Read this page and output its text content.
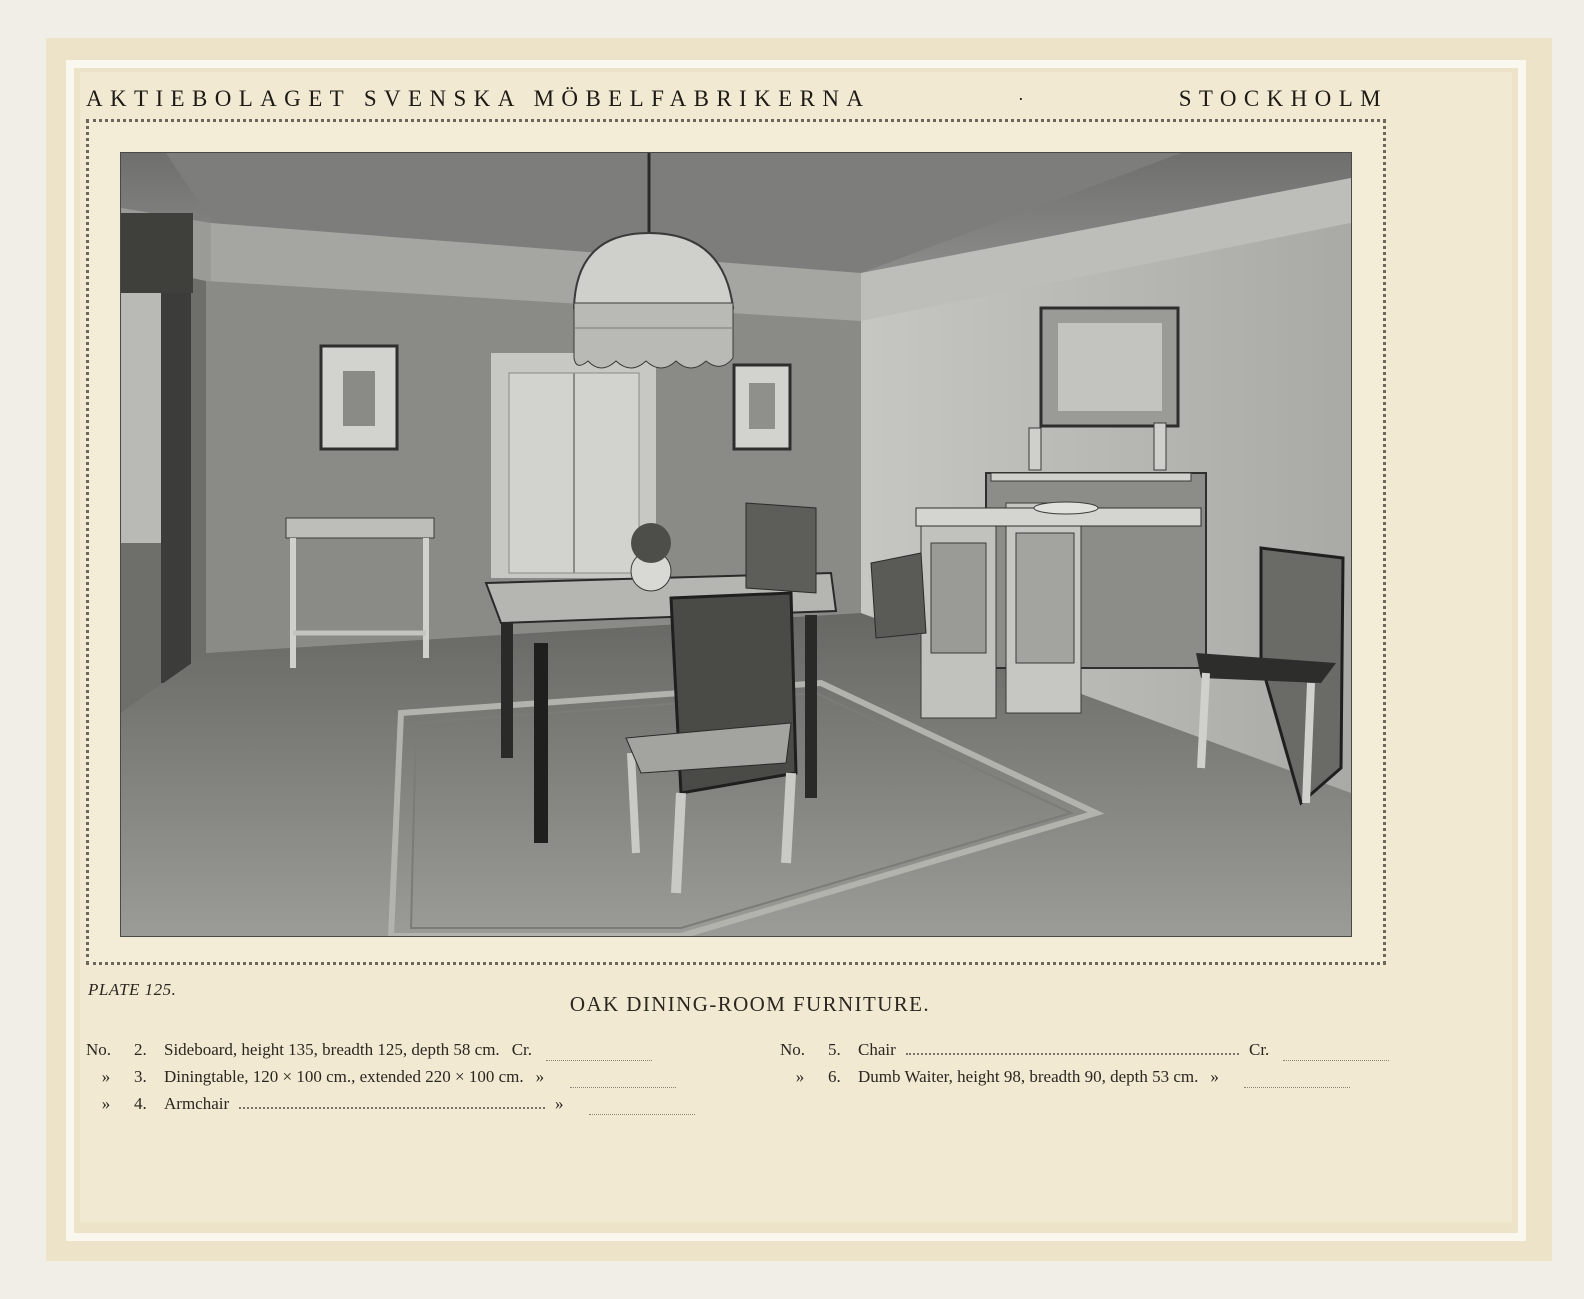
AKTIEBOLAGET SVENSKA MÖBELFABRIKERNA	·	STOCKHOLM
PLATE 125.
OAK DINING-ROOM FURNITURE.
No.	2.	Sideboard, height 135, breadth 125, depth 58 cm. Cr.
»	3.	Diningtable, 120 × 100 cm., extended 220 × 100 cm. »
»	4.	Armchair	»
No.	5.	Chair	Cr.
»	6.	Dumb Waiter, height 98, breadth 90, depth 53 cm. »
